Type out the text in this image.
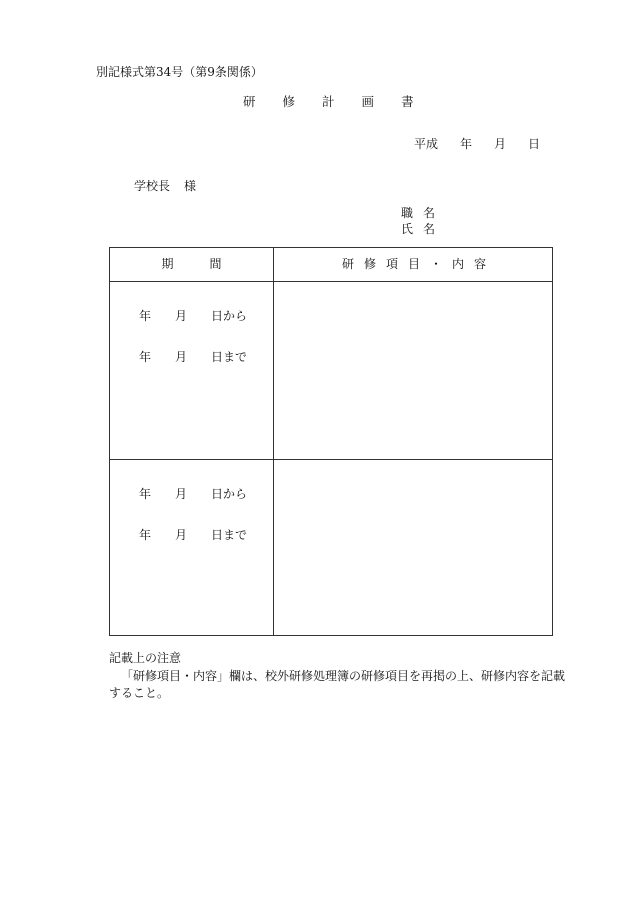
別記様式第34号（第9条関係）
研 修 計 画 書
平成 年 月 日
学校長 様
職 名
氏 名
期	間	研 修 項 目 ・ 内 容
年 月 日から
年 月 日まで
年 月 日から
年 月 日まで
記載上の注意
「研修項目・内容」欄は、校外研修処理簿の研修項目を再掲の上、研修内容を記載すること。
